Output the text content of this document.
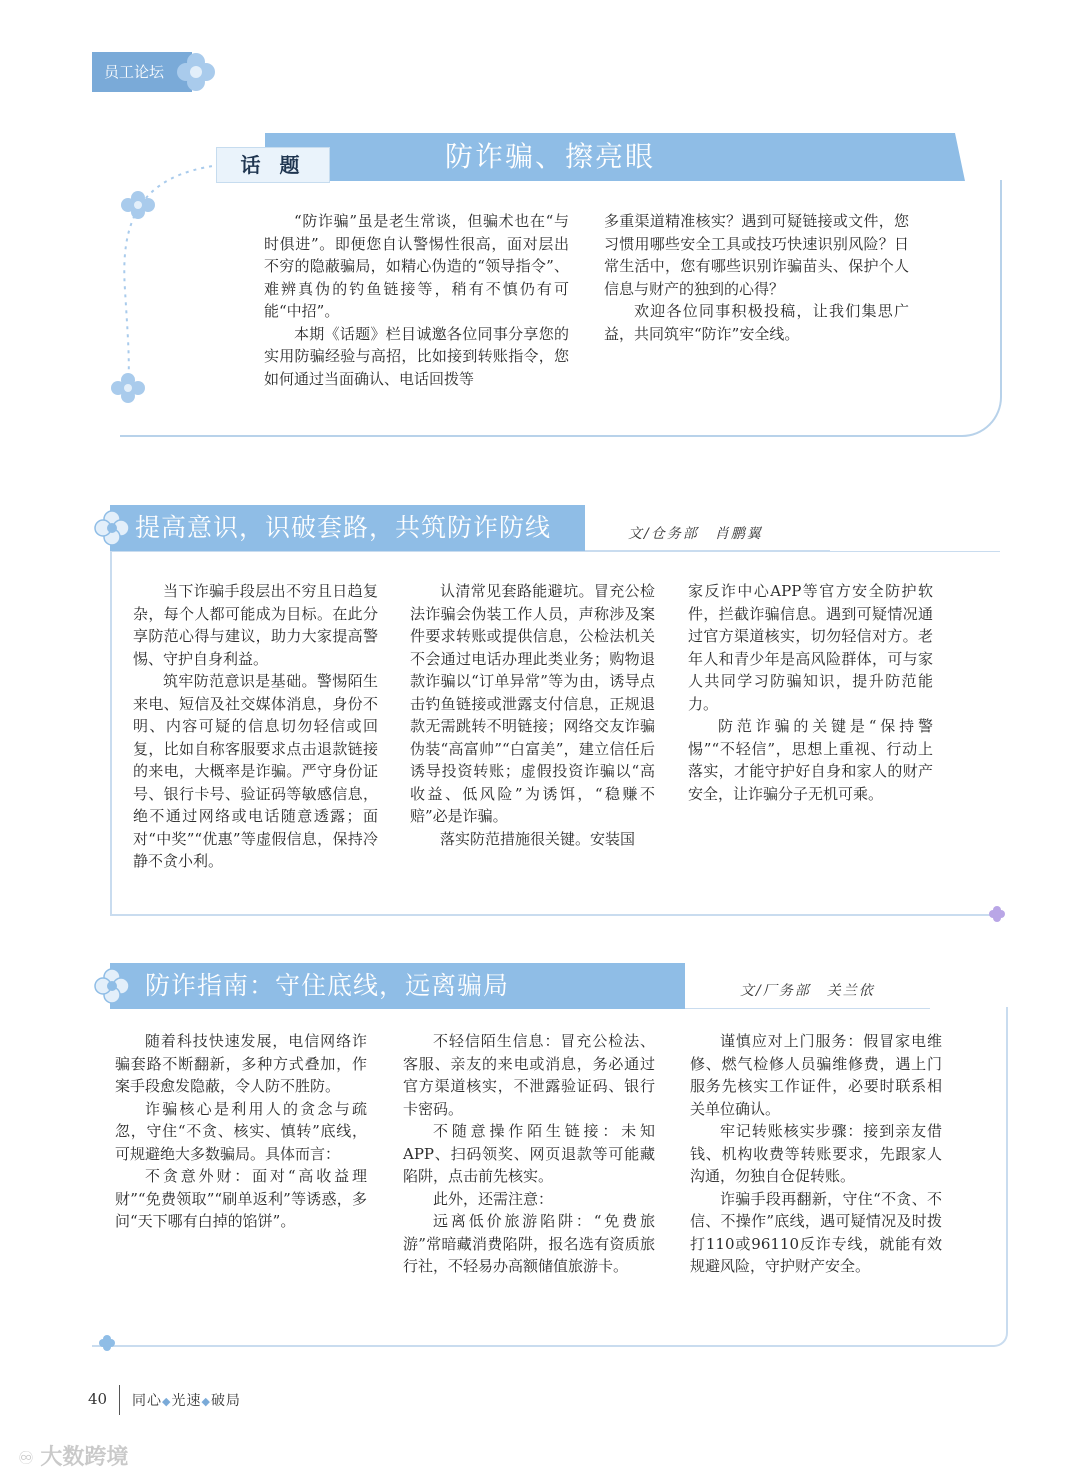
员工论坛
防诈骗、擦亮眼
话 题

“防诈骗”虽是老生常谈，但骗术也在“与时俱进”。即便您自认警惕性很高，面对层出不穷的隐蔽骗局，如精心伪造的“领导指令”、难辨真伪的钓鱼链接等，稍有不慎仍有可能“中招”。

本期《话题》栏目诚邀各位同事分享您的实用防骗经验与高招，比如接到转账指令，您如何通过当面确认、电话回拨等

多重渠道精准核实？遇到可疑链接或文件，您习惯用哪些安全工具或技巧快速识别风险？日常生活中，您有哪些识别诈骗苗头、保护个人信息与财产的独到的心得？

欢迎各位同事积极投稿，让我们集思广益，共同筑牢“防诈”安全线。

提高意识，识破套路，共筑防诈防线	文/仓务部　肖鹏翼

当下诈骗手段层出不穷且日趋复杂，每个人都可能成为目标。在此分享防范心得与建议，助力大家提高警惕、守护自身利益。

筑牢防范意识是基础。警惕陌生来电、短信及社交媒体消息，身份不明、内容可疑的信息切勿轻信或回复，比如自称客服要求点击退款链接的来电，大概率是诈骗。严守身份证号、银行卡号、验证码等敏感信息，绝不通过网络或电话随意透露；面对“中奖”“优惠”等虚假信息，保持冷静不贪小利。

认清常见套路能避坑。冒充公检法诈骗会伪装工作人员，声称涉及案件要求转账或提供信息，公检法机关不会通过电话办理此类业务；购物退款诈骗以“订单异常”等为由，诱导点击钓鱼链接或泄露支付信息，正规退款无需跳转不明链接；网络交友诈骗伪装“高富帅”“白富美”，建立信任后诱导投资转账；虚假投资诈骗以“高收益、低风险”为诱饵，“稳赚不赔”必是诈骗。

落实防范措施很关键。安装国

家反诈中心APP等官方安全防护软件，拦截诈骗信息。遇到可疑情况通过官方渠道核实，切勿轻信对方。老年人和青少年是高风险群体，可与家人共同学习防骗知识，提升防范能力。

防范诈骗的关键是“保持警惕”“不轻信”，思想上重视、行动上落实，才能守护好自身和家人的财产安全，让诈骗分子无机可乘。

防诈指南：守住底线，远离骗局	文/厂务部　关兰依

随着科技快速发展，电信网络诈骗套路不断翻新，多种方式叠加，作案手段愈发隐蔽，令人防不胜防。

诈骗核心是利用人的贪念与疏忽，守住“不贪、核实、慎转”底线，可规避绝大多数骗局。具体而言：

不贪意外财：面对“高收益理财”“免费领取”“刷单返利”等诱惑，多问“天下哪有白掉的馅饼”。

不轻信陌生信息：冒充公检法、客服、亲友的来电或消息，务必通过官方渠道核实，不泄露验证码、银行卡密码。

不随意操作陌生链接：未知APP、扫码领奖、网页退款等可能藏陷阱，点击前先核实。

此外，还需注意：

远离低价旅游陷阱：“免费旅游”常暗藏消费陷阱，报名选有资质旅行社，不轻易办高额储值旅游卡。

谨慎应对上门服务：假冒家电维修、燃气检修人员骗维修费，遇上门服务先核实工作证件，必要时联系相关单位确认。

牢记转账核实步骤：接到亲友借钱、机构收费等转账要求，先跟家人沟通，勿独自仓促转账。

诈骗手段再翻新，守住“不贪、不信、不操作”底线，遇可疑情况及时拨打110或96110反诈专线，就能有效规避风险，守护财产安全。

40 同心◆光速◆破局
♾ 大数跨境
